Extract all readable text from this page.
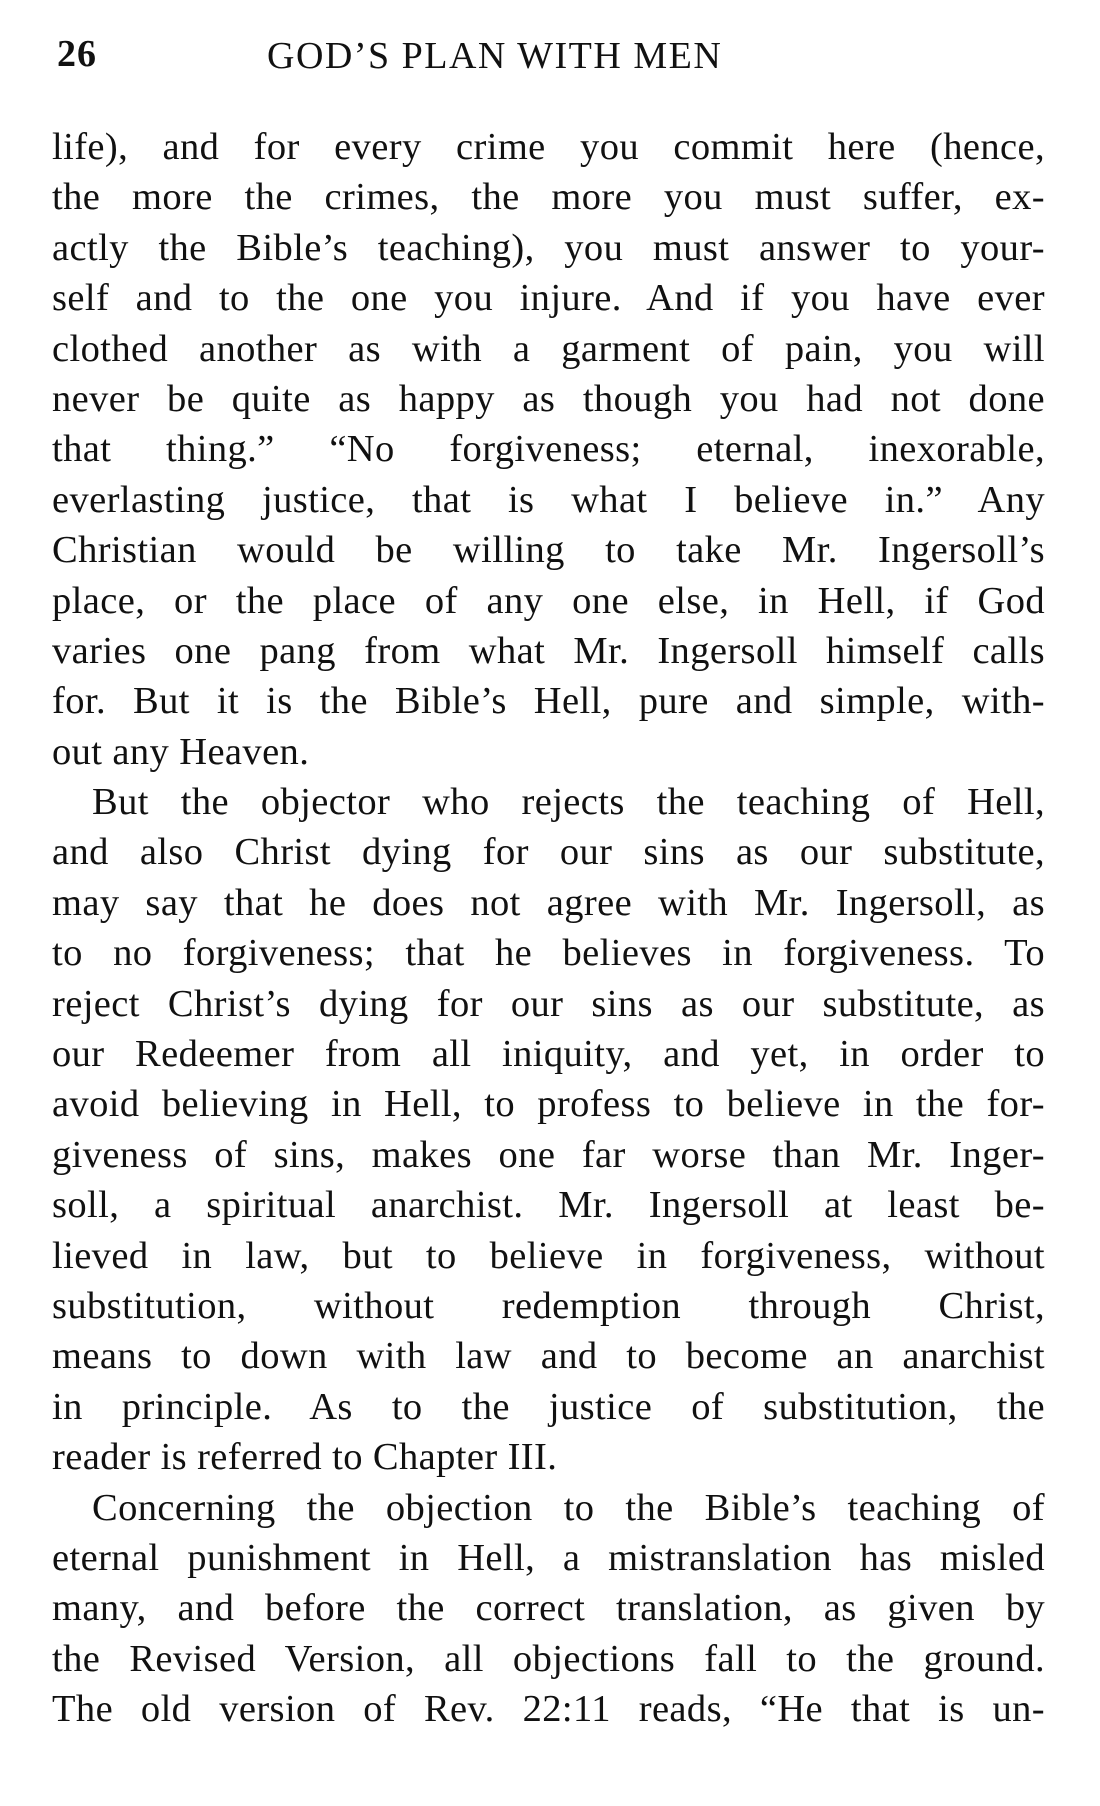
26	GOD’S PLAN WITH MEN
life), and for every crime you commit here (hence,
the more the crimes, the more you must suffer, ex-
actly the Bible’s teaching), you must answer to your-
self and to the one you injure. And if you have ever
clothed another as with a garment of pain, you will
never be quite as happy as though you had not done
that thing.” “No forgiveness; eternal, inexorable,
everlasting justice, that is what I believe in.” Any
Christian would be willing to take Mr. Ingersoll’s
place, or the place of any one else, in Hell, if God
varies one pang from what Mr. Ingersoll himself calls
for. But it is the Bible’s Hell, pure and simple, with-
out any Heaven.
But the objector who rejects the teaching of Hell,
and also Christ dying for our sins as our substitute,
may say that he does not agree with Mr. Ingersoll, as
to no forgiveness; that he believes in forgiveness. To
reject Christ’s dying for our sins as our substitute, as
our Redeemer from all iniquity, and yet, in order to
avoid believing in Hell, to profess to believe in the for-
giveness of sins, makes one far worse than Mr. Inger-
soll, a spiritual anarchist. Mr. Ingersoll at least be-
lieved in law, but to believe in forgiveness, without
substitution, without redemption through Christ,
means to down with law and to become an anarchist
in principle. As to the justice of substitution, the
reader is referred to Chapter III.
Concerning the objection to the Bible’s teaching of
eternal punishment in Hell, a mistranslation has misled
many, and before the correct translation, as given by
the Revised Version, all objections fall to the ground.
The old version of Rev. 22:11 reads, “He that is un-
